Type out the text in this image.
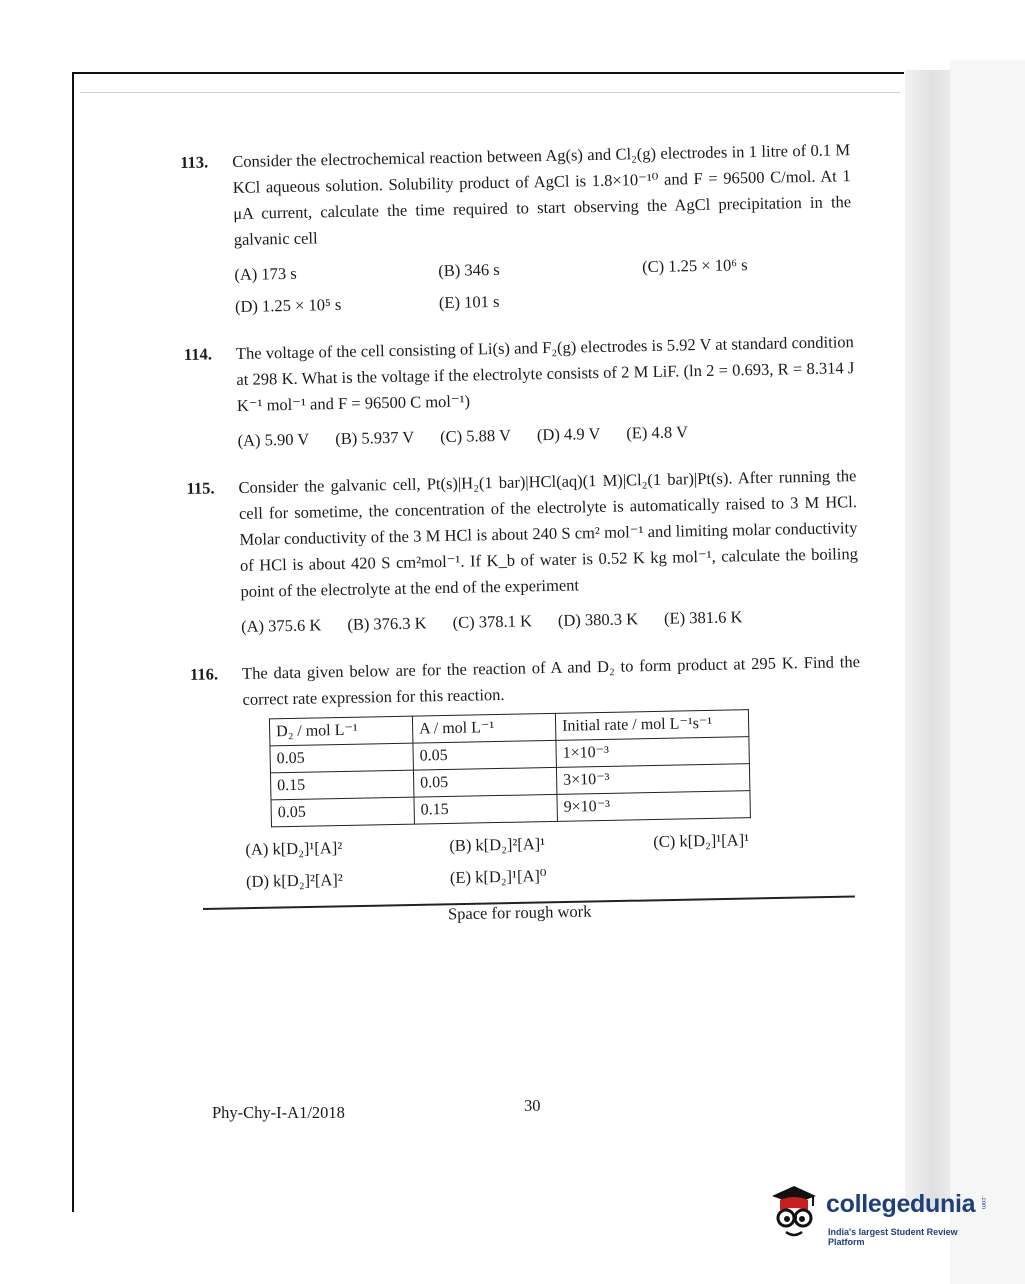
113. Consider the electrochemical reaction between Ag(s) and Cl₂(g) electrodes in 1 litre of 0.1 M KCl aqueous solution. Solubility product of AgCl is 1.8×10⁻¹⁰ and F = 96500 C/mol. At 1 μA current, calculate the time required to start observing the AgCl precipitation in the galvanic cell
(A) 173 s	(B) 346 s	(C) 1.25 × 10⁶ s
(D) 1.25 × 10⁵ s	(E) 101 s
114. The voltage of the cell consisting of Li(s) and F₂(g) electrodes is 5.92 V at standard condition at 298 K. What is the voltage if the electrolyte consists of 2 M LiF. (ln 2 = 0.693, R = 8.314 J K⁻¹ mol⁻¹ and F = 96500 C mol⁻¹)
(A) 5.90 V (B) 5.937 V (C) 5.88 V (D) 4.9 V (E) 4.8 V
115. Consider the galvanic cell, Pt(s)|H₂(1 bar)|HCl(aq)(1 M)|Cl₂(1 bar)|Pt(s). After running the cell for sometime, the concentration of the electrolyte is automatically raised to 3 M HCl. Molar conductivity of the 3 M HCl is about 240 S cm² mol⁻¹ and limiting molar conductivity of HCl is about 420 S cm²mol⁻¹. If K_b of water is 0.52 K kg mol⁻¹, calculate the boiling point of the electrolyte at the end of the experiment
(A) 375.6 K (B) 376.3 K (C) 378.1 K (D) 380.3 K (E) 381.6 K
116. The data given below are for the reaction of A and D₂ to form product at 295 K. Find the correct rate expression for this reaction.
D₂ / mol L⁻¹	A / mol L⁻¹	Initial rate / mol L⁻¹s⁻¹
0.05	0.05	1×10⁻³
0.15	0.05	3×10⁻³
0.05	0.15	9×10⁻³
(A) k[D₂]¹[A]²	(B) k[D₂]²[A]¹	(C) k[D₂]¹[A]¹
(D) k[D₂]²[A]²	(E) k[D₂]¹[A]⁰
Space for rough work
Phy-Chy-I-A1/2018	30
collegedunia .com
India's largest Student Review Platform
